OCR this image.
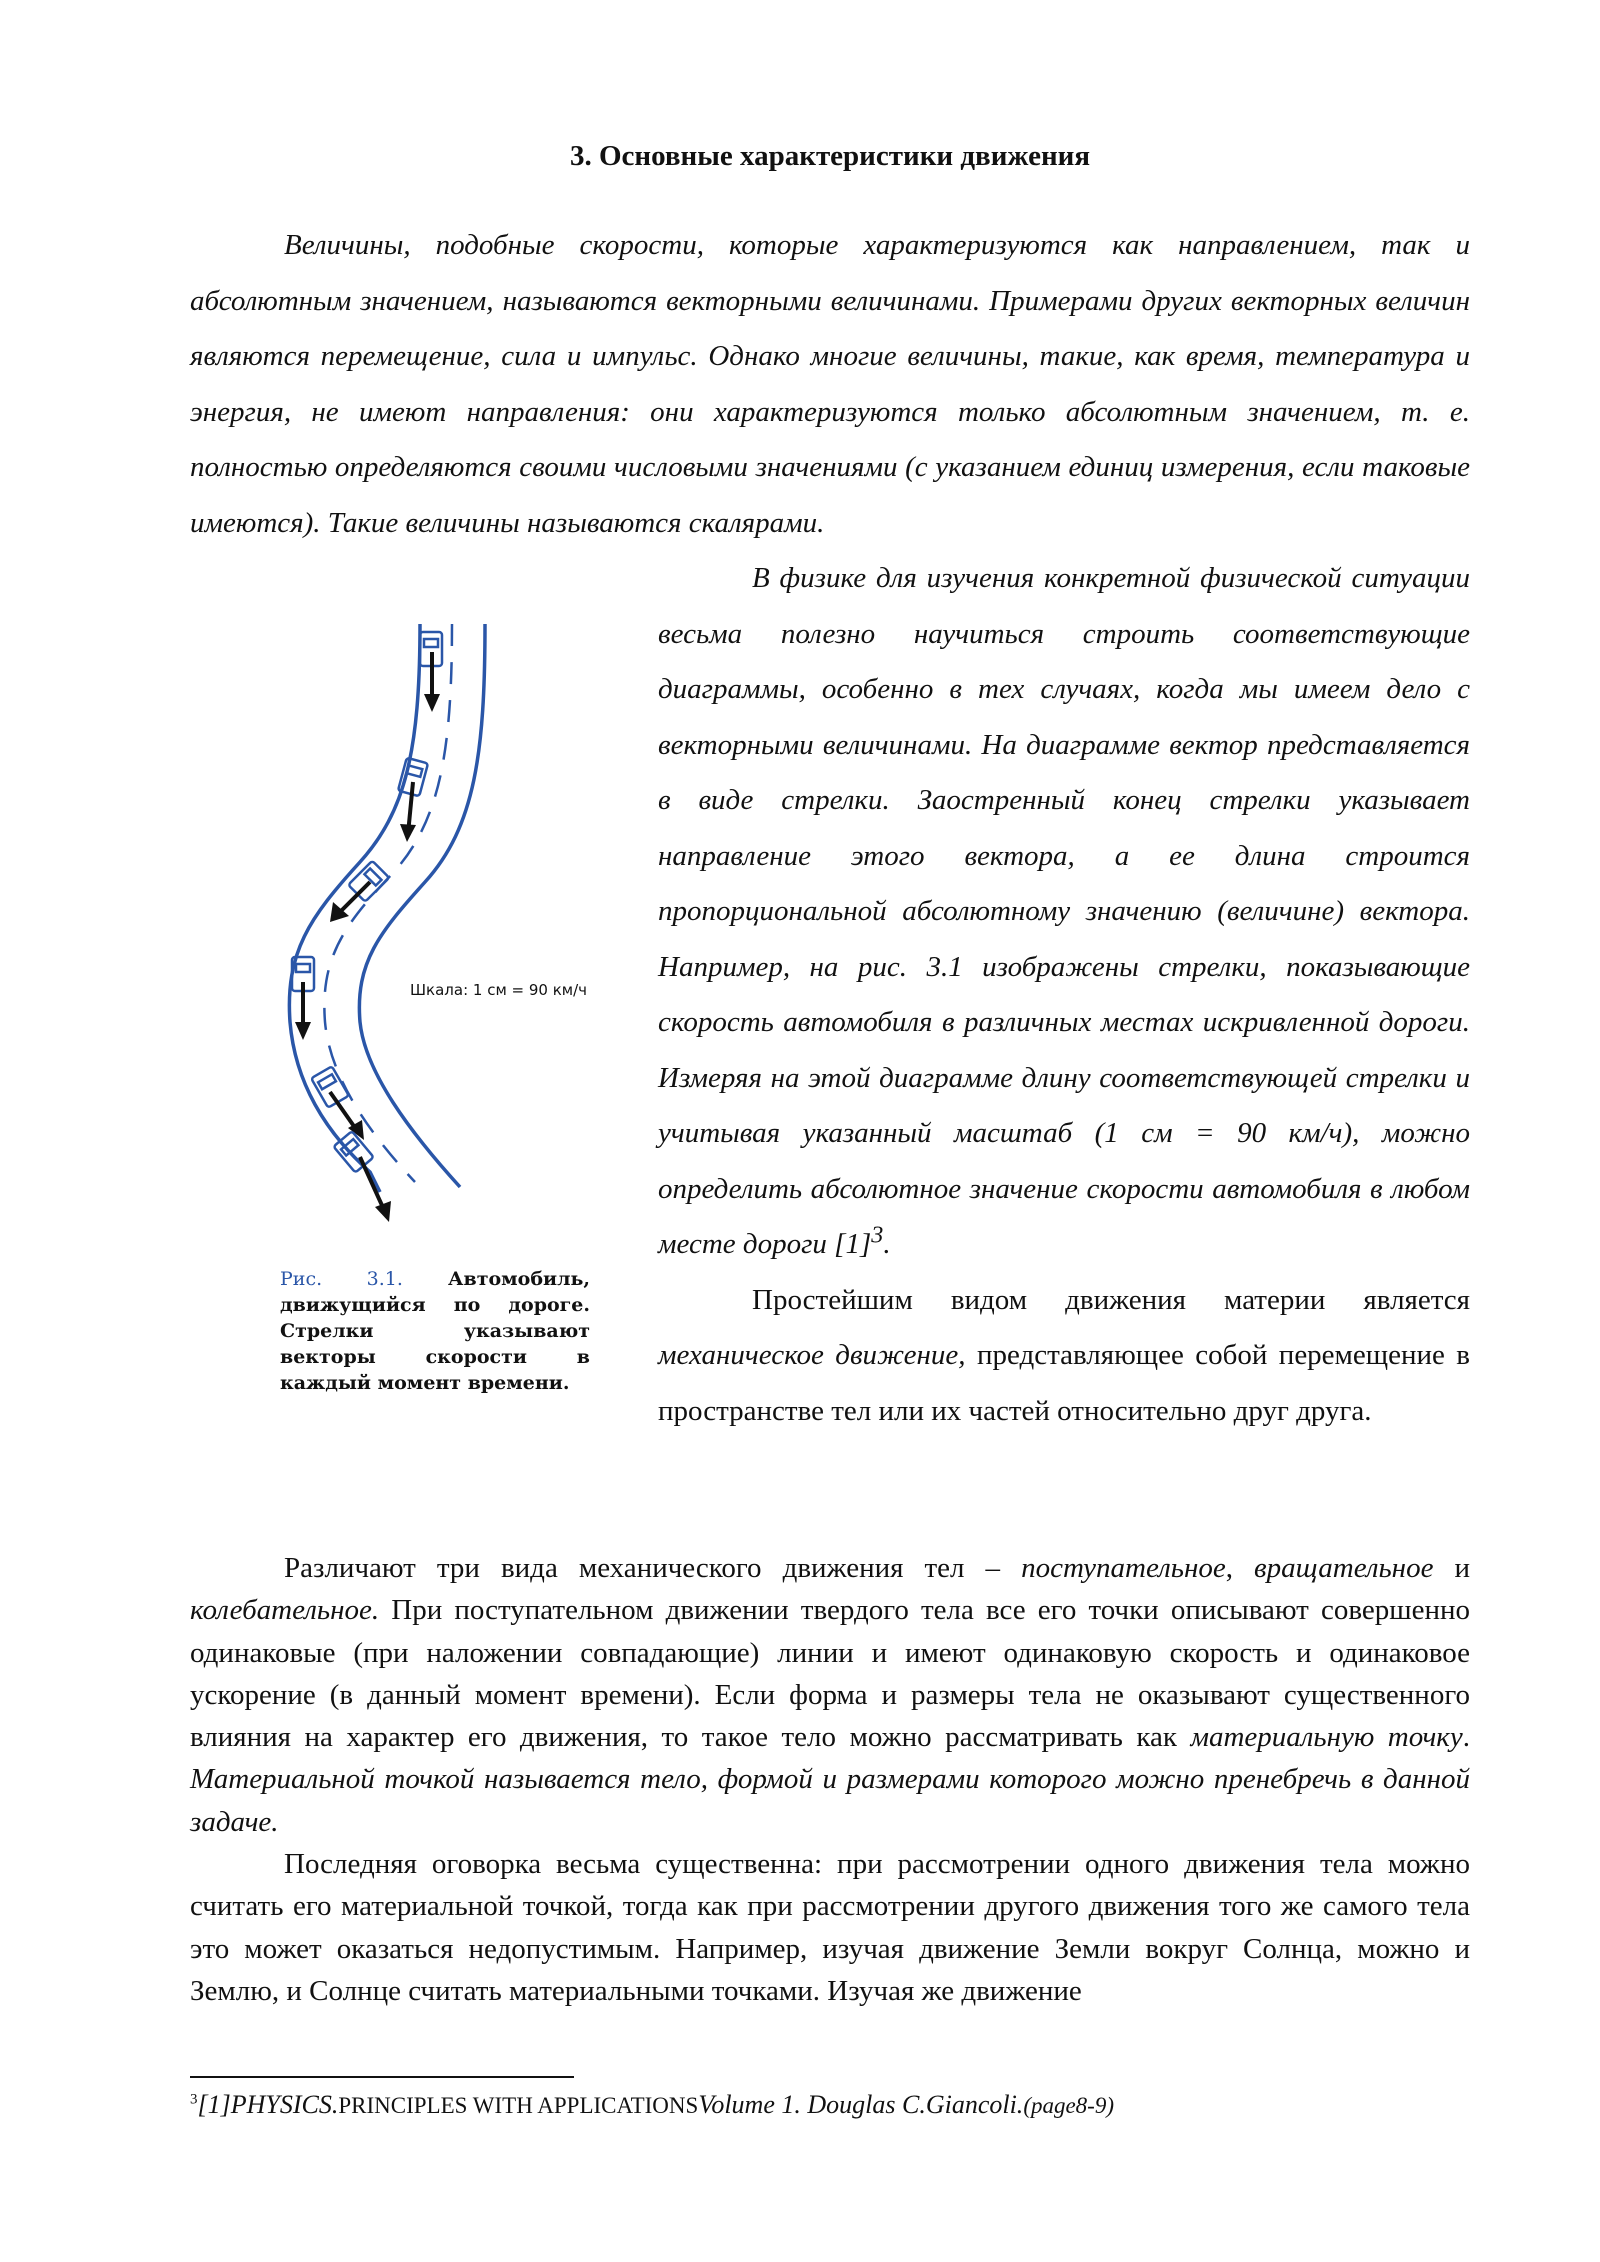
3. Основные характеристики движения

Величины, подобные скорости, которые характеризуются как направлением, так и абсолютным значением, называются векторными величинами. Примерами других векторных величин являются перемещение, сила и импульс. Однако многие величины, такие, как время, температура и энергия, не имеют направления: они характеризуются только абсолютным значением, т. е. полностью определяются своими числовыми значениями (с указанием единиц измерения, если таковые имеются). Такие величины называются скалярами.

Шкала: 1 см = 90 км/ч
Рис. 3.1. Автомобиль, движущийся по дороге. Стрелки указывают векторы скорости в каждый момент времени.

В физике для изучения конкретной физической ситуации весьма полезно научиться строить соответствующие диаграммы, особенно в тех случаях, когда мы имеем дело с векторными величинами. На диаграмме вектор представляется в виде стрелки. Заостренный конец стрелки указывает направление этого вектора, а ее длина строится пропорциональной абсолютному значению (величине) вектора. Например, на рис. 3.1 изображены стрелки, показывающие скорость автомобиля в различных местах искривленной дороги. Измеряя на этой диаграмме длину соответствующей стрелки и учитывая указанный масштаб (1 см = 90 км/ч), можно определить абсолютное значение скорости автомобиля в любом месте дороги $[1]^3$.

Простейшим видом движения материи является механическое движение, представляющее собой перемещение в пространстве тел или их частей относительно друг друга.

Различают три вида механического движения тел – поступательное, вращательное и колебательное. При поступательном движении твердого тела все его точки описывают совершенно одинаковые (при наложении совпадающие) линии и имеют одинаковую скорость и одинаковое ускорение (в данный момент времени). Если форма и размеры тела не оказывают существенного влияния на характер его движения, то такое тело можно рассматривать как материальную точку. Материальной точкой называется тело, формой и размерами которого можно пренебречь в данной задаче.

Последняя оговорка весьма существенна: при рассмотрении одного движения тела можно считать его материальной точкой, тогда как при рассмотрении другого движения того же самого тела это может оказаться недопустимым. Например, изучая движение Земли вокруг Солнца, можно и Землю, и Солнце считать материальными точками. Изучая же движение

$^3$[1]PHYSICS.PRINCIPLES WITH APPLICATIONSVolume 1. Douglas C.Giancoli.(page8-9)
